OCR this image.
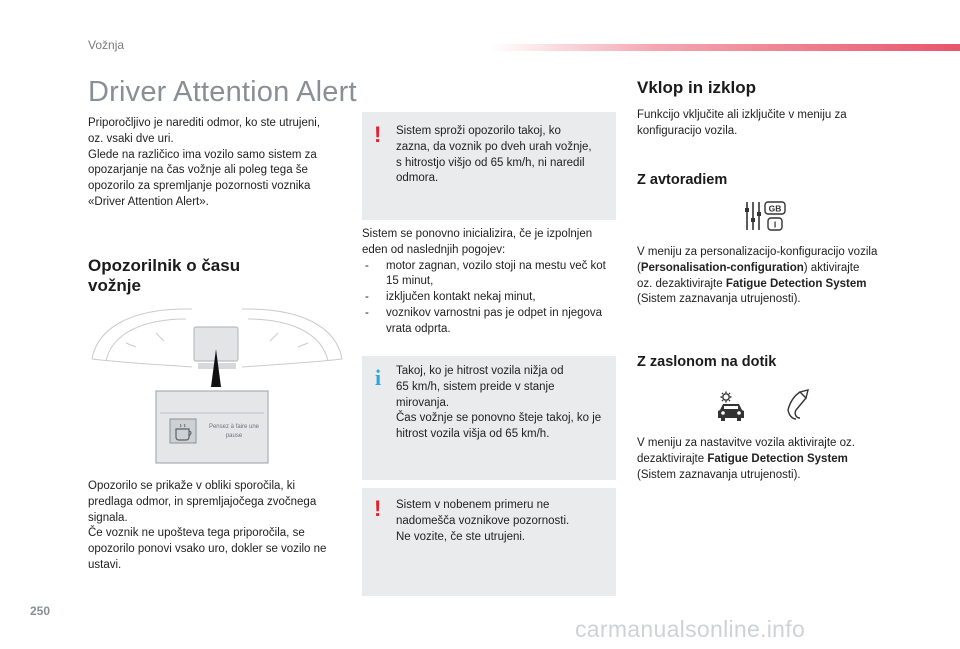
Vožnja
Driver Attention Alert
Priporočljivo je narediti odmor, ko ste utrujeni,
oz. vsaki dve uri.
Glede na različico ima vozilo samo sistem za
opozarjanje na čas vožnje ali poleg tega še
opozorilo za spremljanje pozornosti voznika
«Driver Attention Alert».
Opozorilnik o času
vožnje
Pensez à faire une
pause
Opozorilo se prikaže v obliki sporočila, ki
predlaga odmor, in spremljajočega zvočnega
signala.
Če voznik ne upošteva tega priporočila, se
opozorilo ponovi vsako uro, dokler se vozilo ne
ustavi.
! Sistem sproži opozorilo takoj, ko
zazna, da voznik po dveh urah vožnje,
s hitrostjo višjo od 65 km/h, ni naredil
odmora.
Sistem se ponovno inicializira, če je izpolnjen
eden od naslednjih pogojev:
- motor zagnan, vozilo stoji na mestu več kot
15 minut,
- izključen kontakt nekaj minut,
- voznikov varnostni pas je odpet in njegova
vrata odprta.
i Takoj, ko je hitrost vozila nižja od
65 km/h, sistem preide v stanje
mirovanja.
Čas vožnje se ponovno šteje takoj, ko je
hitrost vozila višja od 65 km/h.
! Sistem v nobenem primeru ne
nadomešča voznikove pozornosti.
Ne vozite, če ste utrujeni.
Vklop in izklop
Funkcijo vključite ali izključite v meniju za
konfiguracijo vozila.
Z avtoradiem
GB
I
V meniju za personalizacijo-konfiguracijo vozila
(Personalisation-configuration) aktivirajte
oz. dezaktivirajte Fatigue Detection System
(Sistem zaznavanja utrujenosti).
Z zaslonom na dotik
V meniju za nastavitve vozila aktivirajte oz.
dezaktivirajte Fatigue Detection System
(Sistem zaznavanja utrujenosti).
250
carmanualsonline.info
